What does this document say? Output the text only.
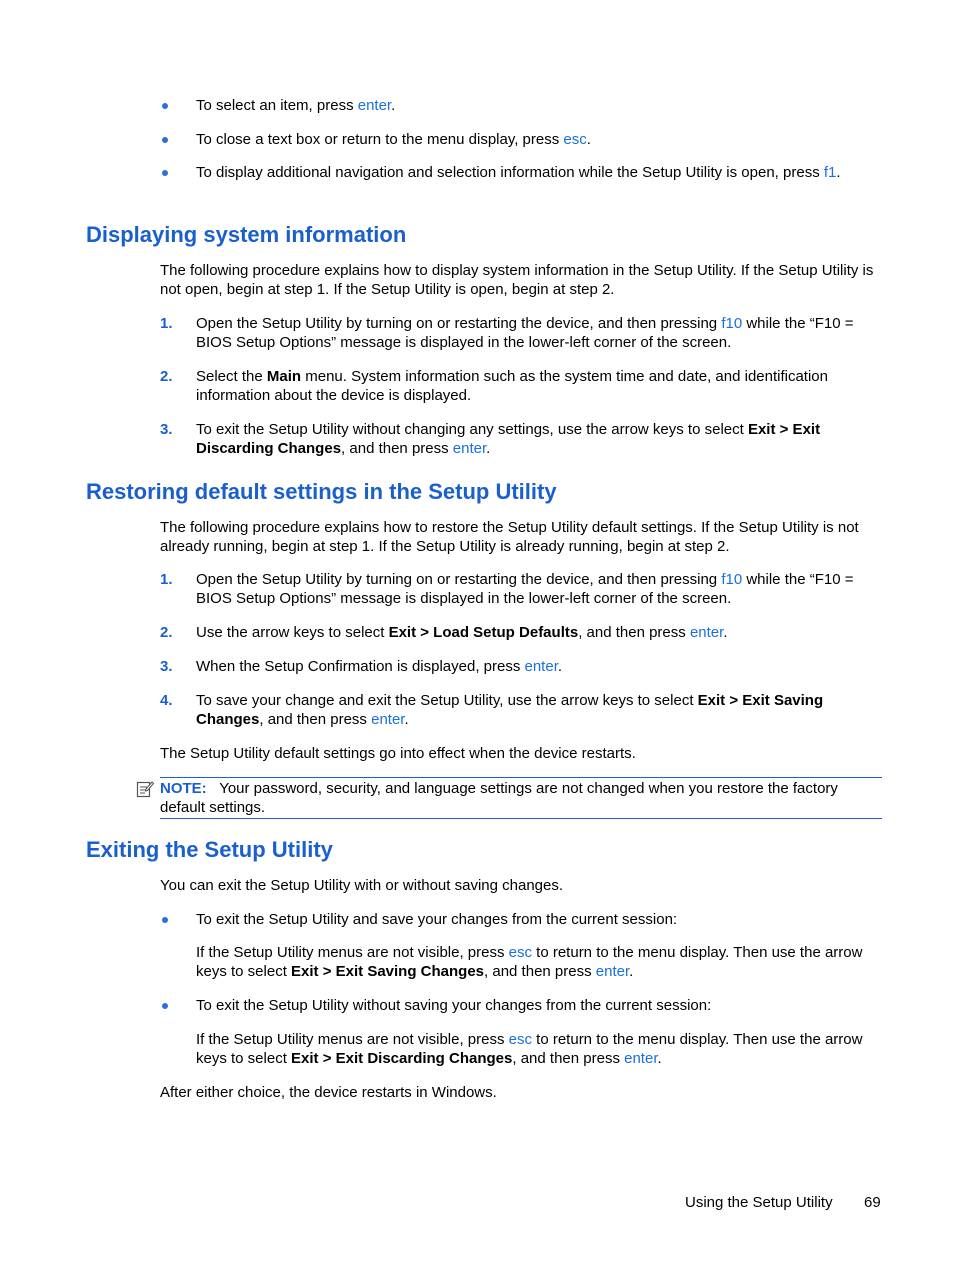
To select an item, press enter.
To close a text box or return to the menu display, press esc.
To display additional navigation and selection information while the Setup Utility is open, press f1.
Displaying system information
The following procedure explains how to display system information in the Setup Utility. If the Setup Utility is not open, begin at step 1. If the Setup Utility is open, begin at step 2.
1. Open the Setup Utility by turning on or restarting the device, and then pressing f10 while the “F10 = BIOS Setup Options” message is displayed in the lower-left corner of the screen.
2. Select the Main menu. System information such as the system time and date, and identification information about the device is displayed.
3. To exit the Setup Utility without changing any settings, use the arrow keys to select Exit > Exit Discarding Changes, and then press enter.
Restoring default settings in the Setup Utility
The following procedure explains how to restore the Setup Utility default settings. If the Setup Utility is not already running, begin at step 1. If the Setup Utility is already running, begin at step 2.
1. Open the Setup Utility by turning on or restarting the device, and then pressing f10 while the “F10 = BIOS Setup Options” message is displayed in the lower-left corner of the screen.
2. Use the arrow keys to select Exit > Load Setup Defaults, and then press enter.
3. When the Setup Confirmation is displayed, press enter.
4. To save your change and exit the Setup Utility, use the arrow keys to select Exit > Exit Saving Changes, and then press enter.
The Setup Utility default settings go into effect when the device restarts.
NOTE: Your password, security, and language settings are not changed when you restore the factory default settings.
Exiting the Setup Utility
You can exit the Setup Utility with or without saving changes.
To exit the Setup Utility and save your changes from the current session:
If the Setup Utility menus are not visible, press esc to return to the menu display. Then use the arrow keys to select Exit > Exit Saving Changes, and then press enter.
To exit the Setup Utility without saving your changes from the current session:
If the Setup Utility menus are not visible, press esc to return to the menu display. Then use the arrow keys to select Exit > Exit Discarding Changes, and then press enter.
After either choice, the device restarts in Windows.
Using the Setup Utility 69
